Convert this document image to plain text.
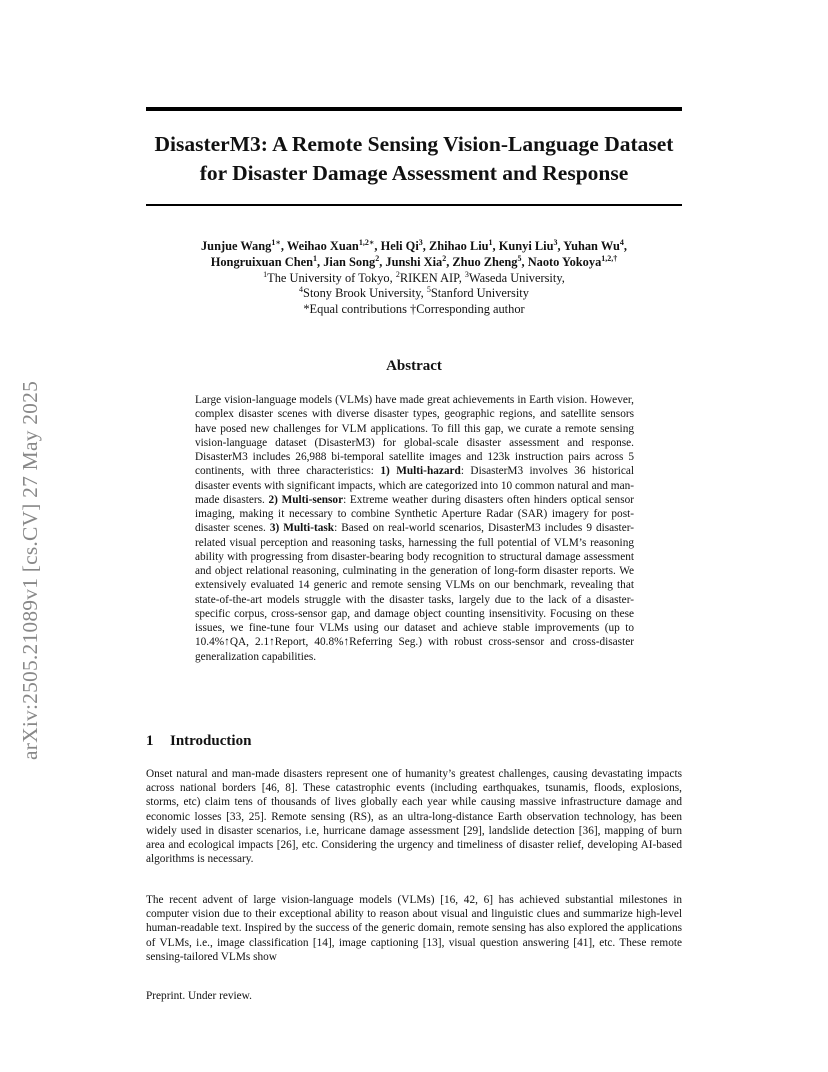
DisasterM3: A Remote Sensing Vision-Language Dataset for Disaster Damage Assessment and Response
Junjue Wang$^{1∗}$, Weihao Xuan$^{1,2∗}$, Heli Qi$^3$, Zhihao Liu$^1$, Kunyi Liu$^3$, Yuhan Wu$^4$,
Hongruixuan Chen$^1$, Jian Song$^2$, Junshi Xia$^2$, Zhuo Zheng$^5$, Naoto Yokoya$^{1,2,\dagger}$
$^1$The University of Tokyo, $^2$RIKEN AIP, $^3$Waseda University,
$^4$Stony Brook University, $^5$Stanford University
*Equal contributions †Corresponding author
arXiv:2505.21089v1 [cs.CV] 27 May 2025
Abstract
Large vision-language models (VLMs) have made great achievements in Earth vision. However, complex disaster scenes with diverse disaster types, geographic regions, and satellite sensors have posed new challenges for VLM applications. To fill this gap, we curate a remote sensing vision-language dataset (DisasterM3) for global-scale disaster assessment and response. DisasterM3 includes 26,988 bi-temporal satellite images and 123k instruction pairs across 5 continents, with three characteristics: 1) Multi-hazard: DisasterM3 involves 36 historical disaster events with significant impacts, which are categorized into 10 common natural and man-made disasters. 2) Multi-sensor: Extreme weather during disasters often hinders optical sensor imaging, making it necessary to combine Synthetic Aperture Radar (SAR) imagery for post-disaster scenes. 3) Multi-task: Based on real-world scenarios, DisasterM3 includes 9 disaster-related visual perception and reasoning tasks, harnessing the full potential of VLM’s reasoning ability with progressing from disaster-bearing body recognition to structural damage assessment and object relational reasoning, culminating in the generation of long-form disaster reports. We extensively evaluated 14 generic and remote sensing VLMs on our benchmark, revealing that state-of-the-art models struggle with the disaster tasks, largely due to the lack of a disaster-specific corpus, cross-sensor gap, and damage object counting insensitivity. Focusing on these issues, we fine-tune four VLMs using our dataset and achieve stable improvements (up to 10.4%↑QA, 2.1↑Report, 40.8%↑Referring Seg.) with robust cross-sensor and cross-disaster generalization capabilities.
1 Introduction
Onset natural and man-made disasters represent one of humanity’s greatest challenges, causing devastating impacts across national borders [46, 8]. These catastrophic events (including earthquakes, tsunamis, floods, explosions, storms, etc) claim tens of thousands of lives globally each year while causing massive infrastructure damage and economic losses [33, 25]. Remote sensing (RS), as an ultra-long-distance Earth observation technology, has been widely used in disaster scenarios, i.e, hurricane damage assessment [29], landslide detection [36], mapping of burn area and ecological impacts [26], etc. Considering the urgency and timeliness of disaster relief, developing AI-based algorithms is necessary.
The recent advent of large vision-language models (VLMs) [16, 42, 6] has achieved substantial milestones in computer vision due to their exceptional ability to reason about visual and linguistic clues and summarize high-level human-readable text. Inspired by the success of the generic domain, remote sensing has also explored the applications of VLMs, i.e., image classification [14], image captioning [13], visual question answering [41], etc. These remote sensing-tailored VLMs show
Preprint. Under review.
